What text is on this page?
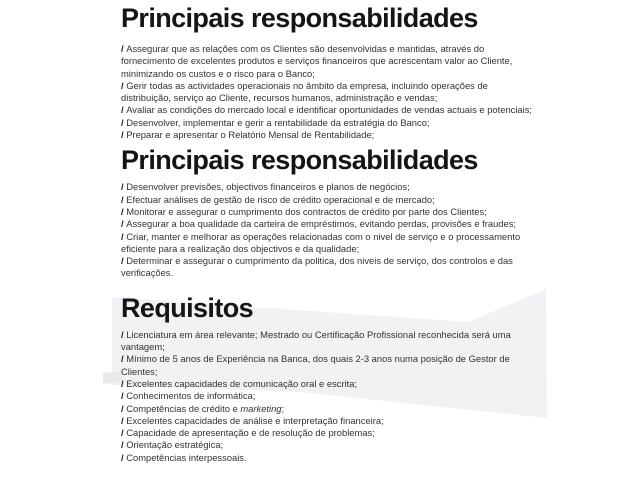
Principais responsabilidades

/ Assegurar que as relações com os Clientes são desenvolvidas e mantidas, através do fornecimento de excelentes produtos e serviços financeiros que acrescentam valor ao Cliente, minimizando os custos e o risco para o Banco;

/ Gerir todas as actividades operacionais no âmbito da empresa, incluindo operações de distribuição, serviço ao Cliente, recursos humanos, administração e vendas;

/ Avaliar as condições do mercado local e identificar oportunidades de vendas actuais e potenciais;

/ Desenvolver, implementar e gerir a rentabilidade da estratégia do Banco;

/ Preparar e apresentar o Relatório Mensal de Rentabilidade;

Principais responsabilidades

/ Desenvolver previsões, objectivos financeiros e planos de negócios;

/ Efectuar análises de gestão de risco de crédito operacional e de mercado;

/ Monitorar e assegurar o cumprimento dos contractos de crédito por parte dos Clientes;

/ Assegurar a boa qualidade da carteira de empréstimos, evitando perdas, provisões e fraudes;

/ Criar, manter e melhorar as operações relacionadas com o nivel de serviço e o processamento eficiente para a realização dos objectivos e da qualidade;

/ Determinar e assegurar o cumprimento da politica, dos niveis de serviço, dos controlos e das verificações.

Requisitos

/ Licenciatura em área relevante; Mestrado ou Certificação Profissional reconhecida será uma vantagem;

/ Mínimo de 5 anos de Experiência na Banca, dos quais 2-3 anos numa posição de Gestor de Clientes;

/ Excelentes capacidades de comunicação oral e escrita;

/ Conhecimentos de informática;

/ Competências de crédito e marketing;

/ Excelentes capacidades de análise e interpretação financeira;

/ Capacidade de apresentação e de resolução de problemas;

/ Orientação estratégica;

/ Competências interpessoais.
